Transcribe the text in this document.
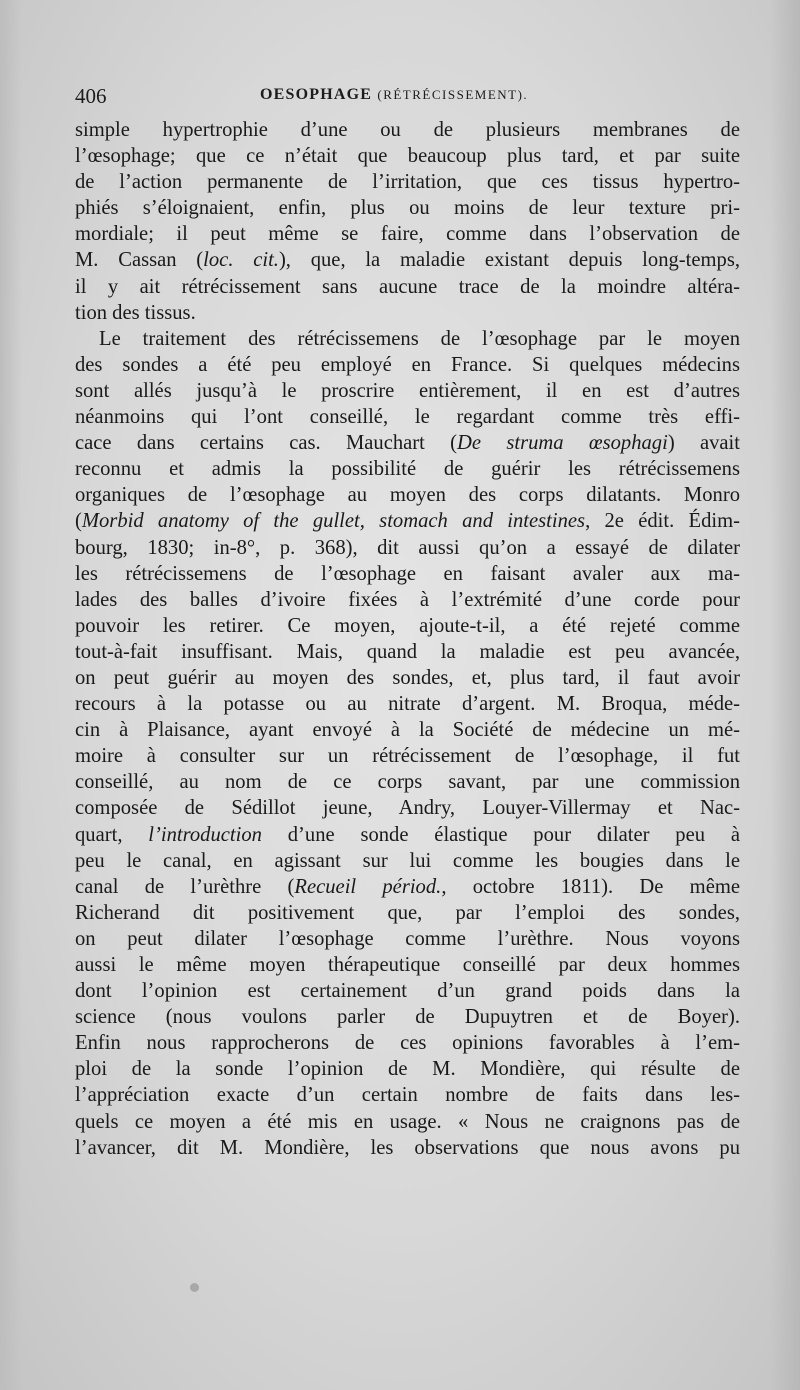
406	OESOPHAGE (RÉTRÉCISSEMENT).
simple hypertrophie d’une ou de plusieurs membranes de
l’œsophage; que ce n’était que beaucoup plus tard, et par suite
de l’action permanente de l’irritation, que ces tissus hypertro-
phiés s’éloignaient, enfin, plus ou moins de leur texture pri-
mordiale; il peut même se faire, comme dans l’observation de
M. Cassan (loc. cit.), que, la maladie existant depuis long-temps,
il y ait rétrécissement sans aucune trace de la moindre altéra-
tion des tissus.
Le traitement des rétrécissemens de l’œsophage par le moyen
des sondes a été peu employé en France. Si quelques médecins
sont allés jusqu’à le proscrire entièrement, il en est d’autres
néanmoins qui l’ont conseillé, le regardant comme très effi-
cace dans certains cas. Mauchart (De struma œsophagi) avait
reconnu et admis la possibilité de guérir les rétrécissemens
organiques de l’œsophage au moyen des corps dilatants. Monro
(Morbid anatomy of the gullet, stomach and intestines, 2e édit. Édim-
bourg, 1830; in-8°, p. 368), dit aussi qu’on a essayé de dilater
les rétrécissemens de l’œsophage en faisant avaler aux ma-
lades des balles d’ivoire fixées à l’extrémité d’une corde pour
pouvoir les retirer. Ce moyen, ajoute-t-il, a été rejeté comme
tout-à-fait insuffisant. Mais, quand la maladie est peu avancée,
on peut guérir au moyen des sondes, et, plus tard, il faut avoir
recours à la potasse ou au nitrate d’argent. M. Broqua, méde-
cin à Plaisance, ayant envoyé à la Société de médecine un mé-
moire à consulter sur un rétrécissement de l’œsophage, il fut
conseillé, au nom de ce corps savant, par une commission
composée de Sédillot jeune, Andry, Louyer-Villermay et Nac-
quart, l’introduction d’une sonde élastique pour dilater peu à
peu le canal, en agissant sur lui comme les bougies dans le
canal de l’urèthre (Recueil périod., octobre 1811). De même
Richerand dit positivement que, par l’emploi des sondes,
on peut dilater l’œsophage comme l’urèthre. Nous voyons
aussi le même moyen thérapeutique conseillé par deux hommes
dont l’opinion est certainement d’un grand poids dans la
science (nous voulons parler de Dupuytren et de Boyer).
Enfin nous rapprocherons de ces opinions favorables à l’em-
ploi de la sonde l’opinion de M. Mondière, qui résulte de
l’appréciation exacte d’un certain nombre de faits dans les-
quels ce moyen a été mis en usage. « Nous ne craignons pas de
l’avancer, dit M. Mondière, les observations que nous avons pu
